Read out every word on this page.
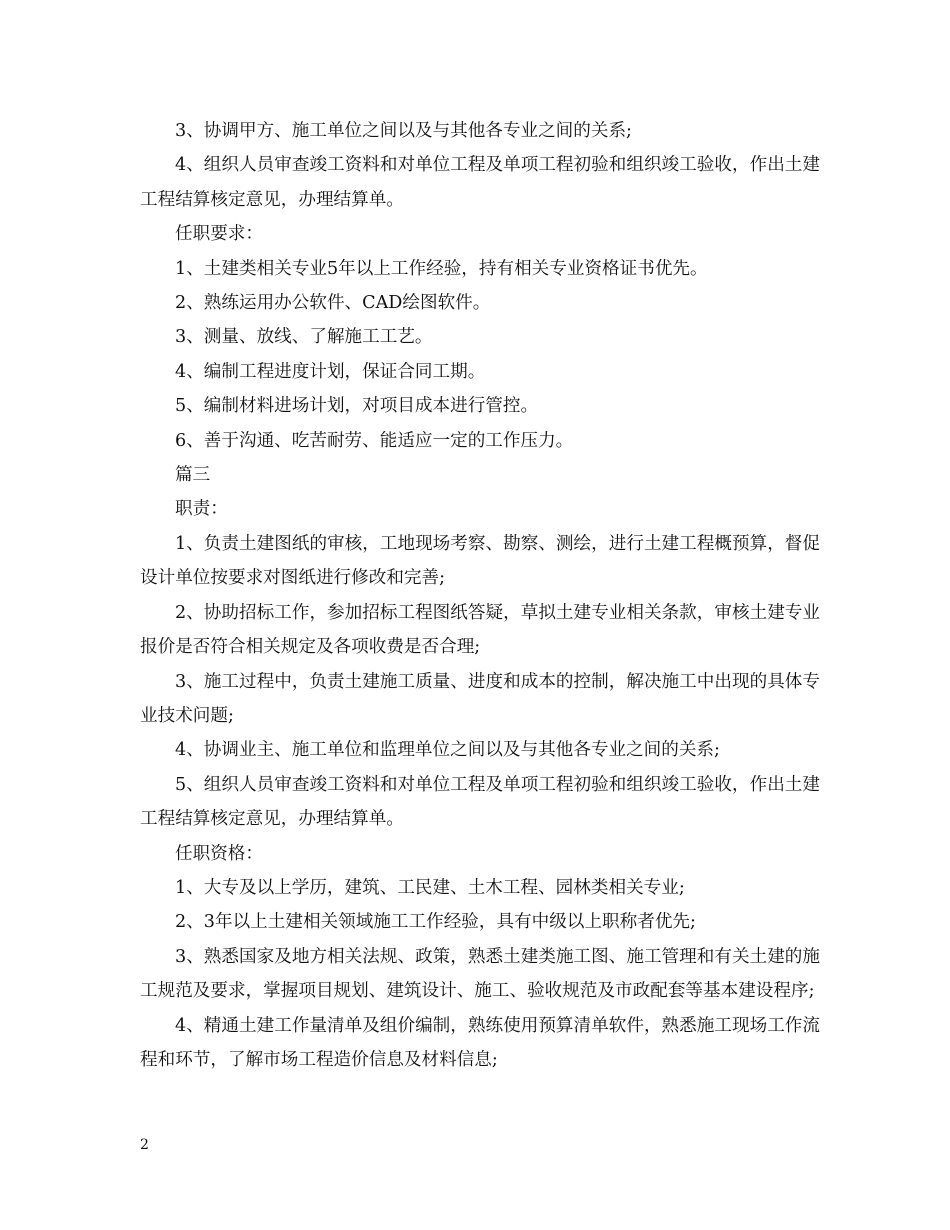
3、协调甲方、施工单位之间以及与其他各专业之间的关系;

4、组织人员审查竣工资料和对单位工程及单项工程初验和组织竣工验收，作出土建工程结算核定意见，办理结算单。

任职要求：

1、土建类相关专业5年以上工作经验，持有相关专业资格证书优先。

2、熟练运用办公软件、CAD绘图软件。

3、测量、放线、了解施工工艺。

4、编制工程进度计划，保证合同工期。

5、编制材料进场计划，对项目成本进行管控。

6、善于沟通、吃苦耐劳、能适应一定的工作压力。

篇三

职责：

1、负责土建图纸的审核，工地现场考察、勘察、测绘，进行土建工程概预算，督促设计单位按要求对图纸进行修改和完善;

2、协助招标工作，参加招标工程图纸答疑，草拟土建专业相关条款，审核土建专业报价是否符合相关规定及各项收费是否合理;

3、施工过程中，负责土建施工质量、进度和成本的控制，解决施工中出现的具体专业技术问题;

4、协调业主、施工单位和监理单位之间以及与其他各专业之间的关系;

5、组织人员审查竣工资料和对单位工程及单项工程初验和组织竣工验收，作出土建工程结算核定意见，办理结算单。

任职资格：

1、大专及以上学历，建筑、工民建、土木工程、园林类相关专业;

2、3年以上土建相关领域施工工作经验，具有中级以上职称者优先;

3、熟悉国家及地方相关法规、政策，熟悉土建类施工图、施工管理和有关土建的施工规范及要求，掌握项目规划、建筑设计、施工、验收规范及市政配套等基本建设程序;

4、精通土建工作量清单及组价编制，熟练使用预算清单软件，熟悉施工现场工作流程和环节，了解市场工程造价信息及材料信息;

2
